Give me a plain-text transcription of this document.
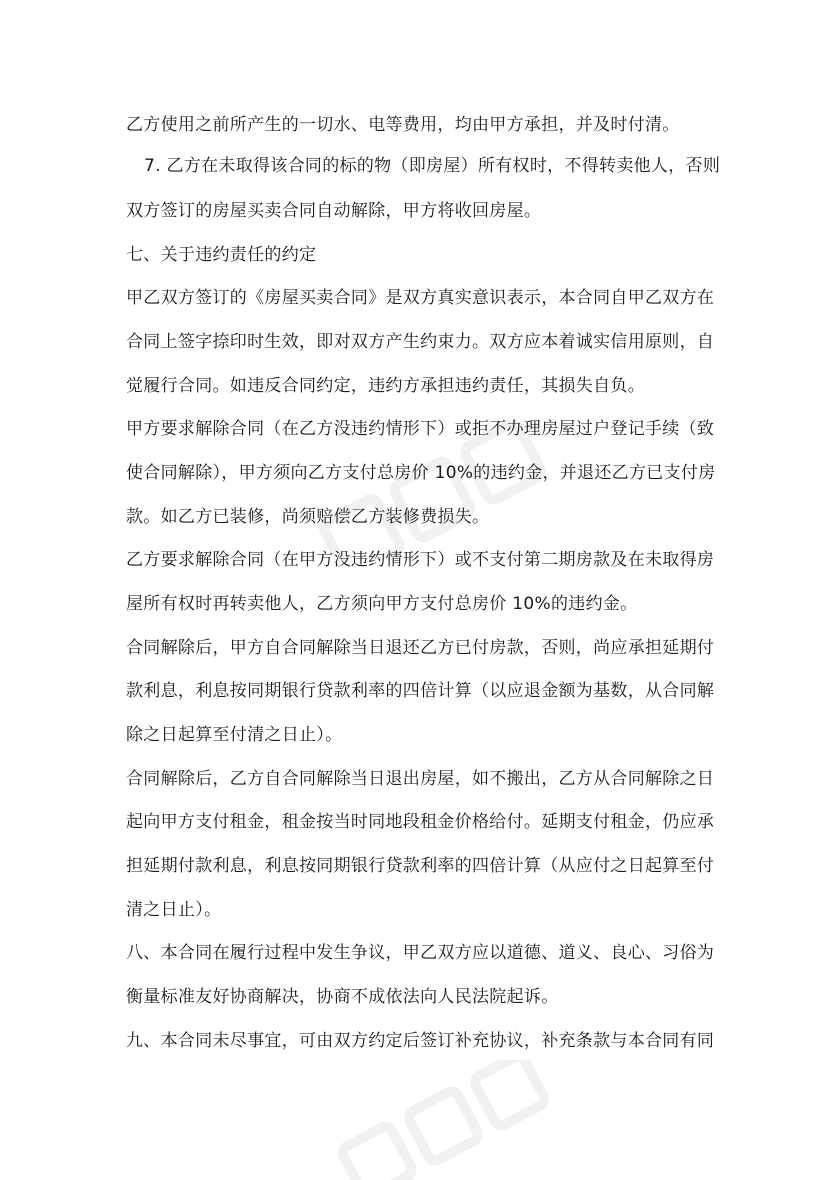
乙方使用之前所产生的一切水、电等费用，均由甲方承担，并及时付清。
7. 乙方在未取得该合同的标的物（即房屋）所有权时，不得转卖他人，否则
双方签订的房屋买卖合同自动解除，甲方将收回房屋。
七、关于违约责任的约定
甲乙双方签订的《房屋买卖合同》是双方真实意识表示，本合同自甲乙双方在
合同上签字捺印时生效，即对双方产生约束力。双方应本着诚实信用原则，自
觉履行合同。如违反合同约定，违约方承担违约责任，其损失自负。
甲方要求解除合同（在乙方没违约情形下）或拒不办理房屋过户登记手续（致
使合同解除），甲方须向乙方支付总房价 10%的违约金，并退还乙方已支付房
款。如乙方已装修，尚须赔偿乙方装修费损失。
乙方要求解除合同（在甲方没违约情形下）或不支付第二期房款及在未取得房
屋所有权时再转卖他人，乙方须向甲方支付总房价 10%的违约金。
合同解除后，甲方自合同解除当日退还乙方已付房款，否则，尚应承担延期付
款利息，利息按同期银行贷款利率的四倍计算（以应退金额为基数，从合同解
除之日起算至付清之日止）。
合同解除后，乙方自合同解除当日退出房屋，如不搬出，乙方从合同解除之日
起向甲方支付租金，租金按当时同地段租金价格给付。延期支付租金，仍应承
担延期付款利息，利息按同期银行贷款利率的四倍计算（从应付之日起算至付
清之日止）。
八、本合同在履行过程中发生争议，甲乙双方应以道德、道义、良心、习俗为
衡量标准友好协商解决，协商不成依法向人民法院起诉。
九、本合同未尽事宜，可由双方约定后签订补充协议，补充条款与本合同有同
